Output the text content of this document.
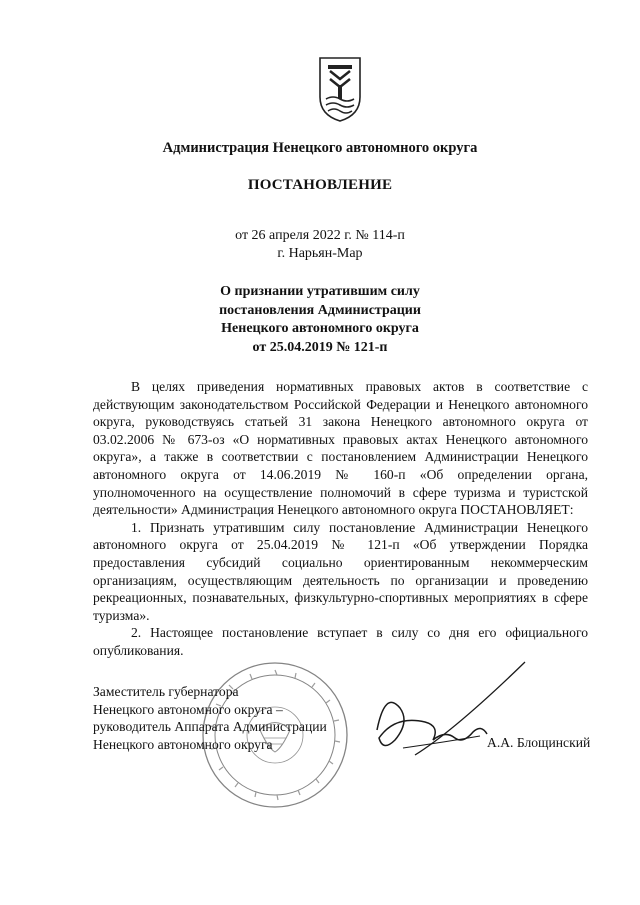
Администрация Ненецкого автономного округа
ПОСТАНОВЛЕНИЕ
от 26 апреля 2022 г. № 114-п
г. Нарьян-Мар
О признании утратившим силу
постановления Администрации
Ненецкого автономного округа
от 25.04.2019 № 121-п

В целях приведения нормативных правовых актов в соответствие с действующим законодательством Российской Федерации и Ненецкого автономного округа, руководствуясь статьей 31 закона Ненецкого автономного округа от 03.02.2006 № 673-оз «О нормативных правовых актах Ненецкого автономного округа», а также в соответствии с постановлением Администрации Ненецкого автономного округа от 14.06.2019 № 160-п «Об определении органа, уполномоченного на осуществление полномочий в сфере туризма и туристской деятельности» Администрация Ненецкого автономного округа ПОСТАНОВЛЯЕТ:

1. Признать утратившим силу постановление Администрации Ненецкого автономного округа от 25.04.2019 № 121-п «Об утверждении Порядка предоставления субсидий социально ориентированным некоммерческим организациям, осуществляющим деятельность по организации и проведению рекреационных, познавательных, физкультурно-спортивных мероприятиях в сфере туризма».

2. Настоящее постановление вступает в силу со дня его официального опубликования.

Заместитель губернатора
Ненецкого автономного округа –
руководитель Аппарата Администрации
Ненецкого автономного округа	А.А. Блощинский
